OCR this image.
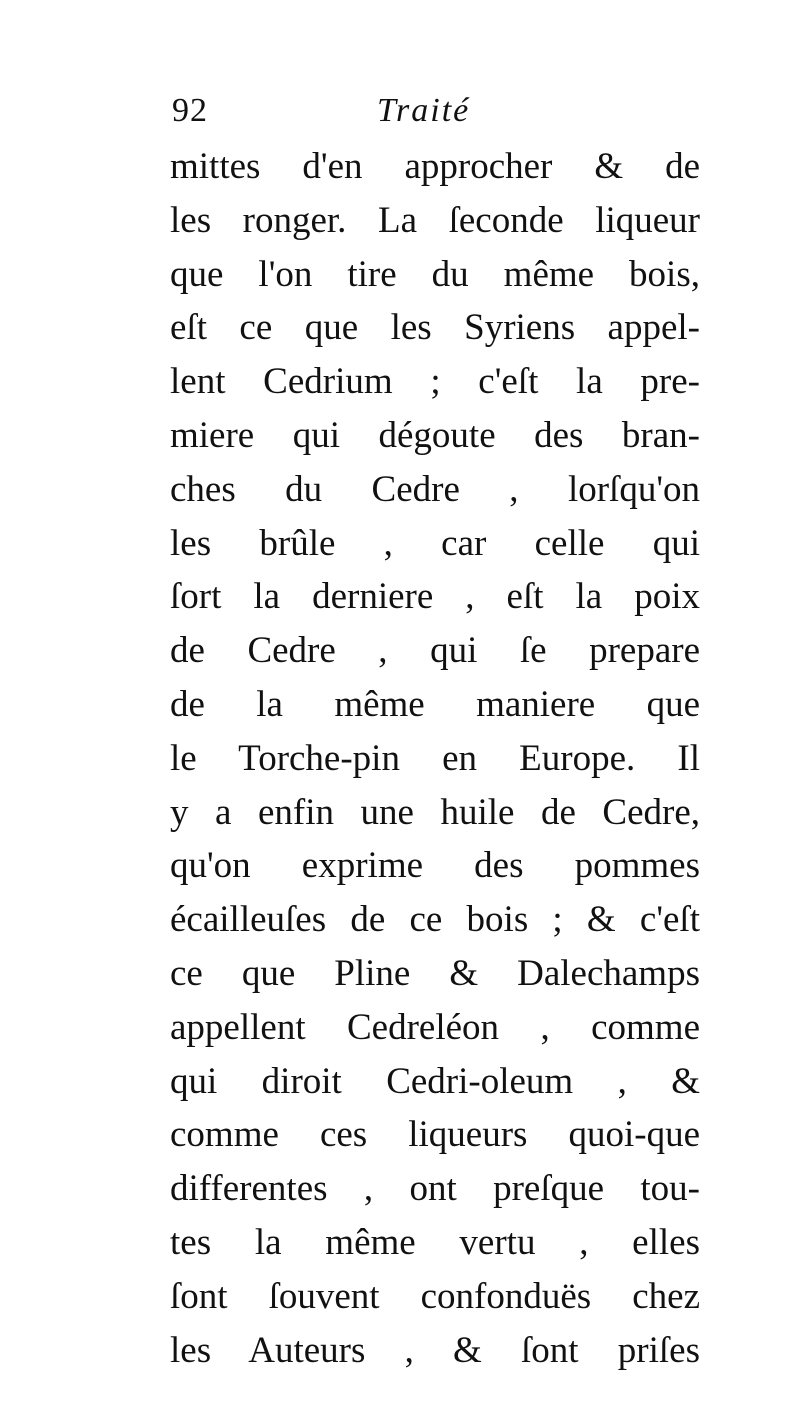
92	Traité
mittes d'en approcher & de
les ronger. La ſeconde liqueur
que l'on tire du même bois,
eſt ce que les Syriens appel-
lent Cedrium ; c'eſt la pre-
miere qui dégoute des bran-
ches du Cedre , lorſqu'on
les brûle , car celle qui
ſort la derniere , eſt la poix
de Cedre , qui ſe prepare
de la même maniere que
le Torche-pin en Europe. Il
y a enfin une huile de Cedre,
qu'on exprime des pommes
écailleuſes de ce bois ; & c'eſt
ce que Pline & Dalechamps
appellent Cedreléon , comme
qui diroit Cedri-oleum , &
comme ces liqueurs quoi-que
differentes , ont preſque tou-
tes la même vertu , elles
ſont ſouvent confonduës chez
les Auteurs , & ſont priſes
